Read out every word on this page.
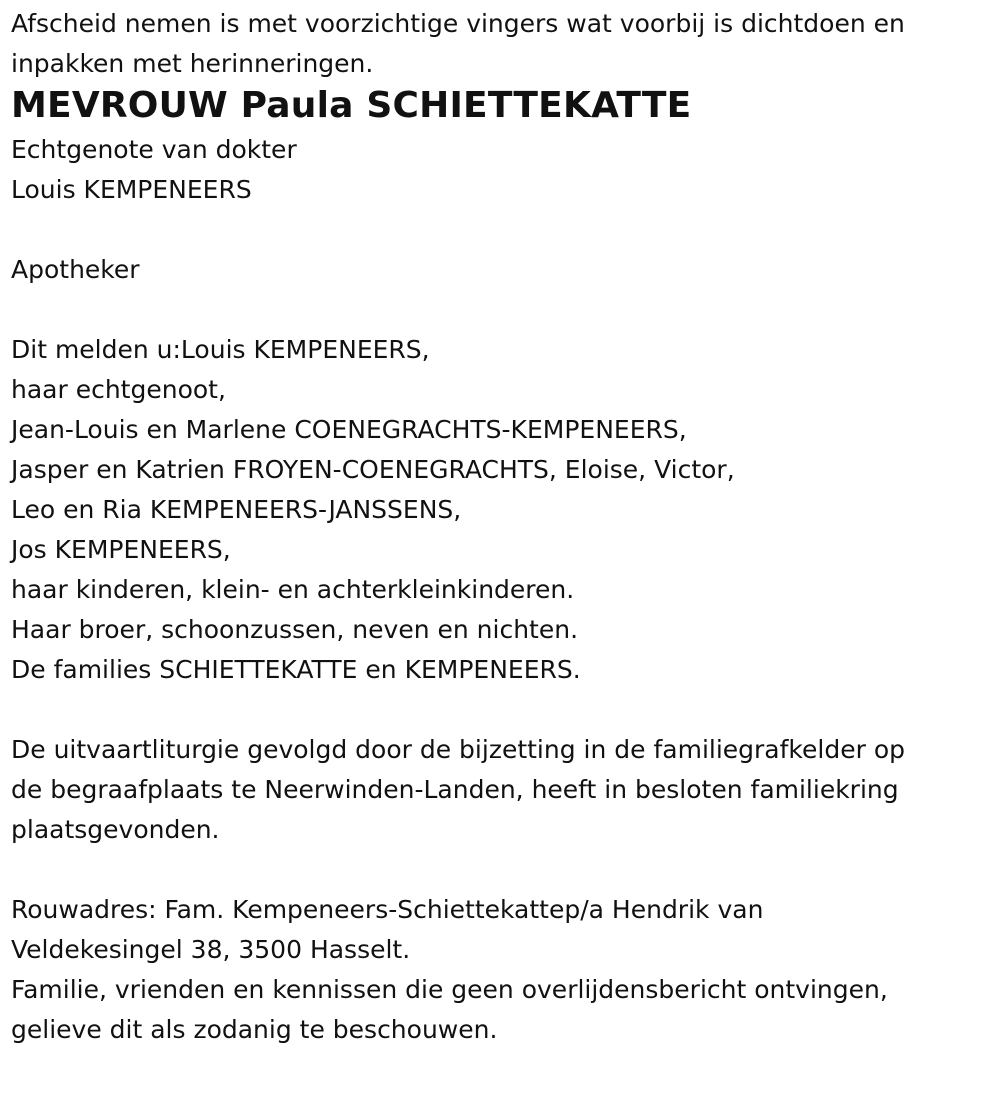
Afscheid nemen is met voorzichtige vingers wat voorbij is dichtdoen en

inpakken met herinneringen.

MEVROUW Paula SCHIETTEKATTE

Echtgenote van dokter

Louis KEMPENEERS

Apotheker

Dit melden u:Louis KEMPENEERS,

haar echtgenoot,

Jean-Louis en Marlene COENEGRACHTS-KEMPENEERS,

Jasper en Katrien FROYEN-COENEGRACHTS, Eloise, Victor,

Leo en Ria KEMPENEERS-JANSSENS,

Jos KEMPENEERS,

haar kinderen, klein- en achterkleinkinderen.

Haar broer, schoonzussen, neven en nichten.

De families SCHIETTEKATTE en KEMPENEERS.

De uitvaartliturgie gevolgd door de bijzetting in de familiegrafkelder op

de begraafplaats te Neerwinden-Landen, heeft in besloten familiekring

plaatsgevonden.

Rouwadres: Fam. Kempeneers-Schiettekattep/a Hendrik van

Veldekesingel 38, 3500 Hasselt.

Familie, vrienden en kennissen die geen overlijdensbericht ontvingen,

gelieve dit als zodanig te beschouwen.
